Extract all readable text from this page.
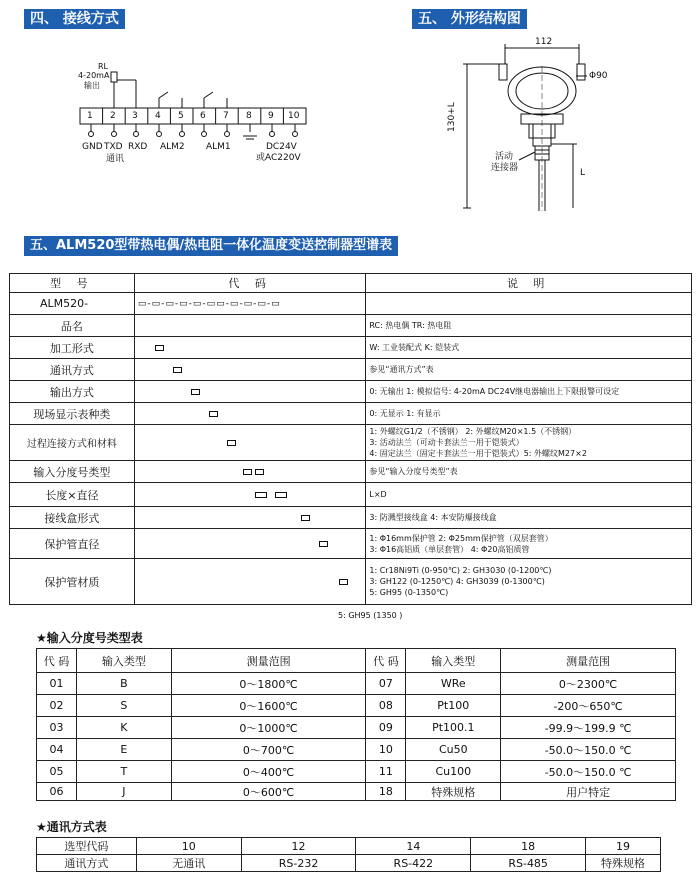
四、 接线方式	五、 外形结构图
RL
4-20mA
输出
1 2 3 4 5 6 7 8 9 10
GND TXD RXD
通讯
ALM2 ALM1	DC24V
或AC220V
112
Φ90
130+L
活动
连接器	L
五、ALM520型带热电偶/热电阻一体化温度变送控制器型谱表
型 号	代 码	说 明
ALM520-	▭-▭-▭-▭-▭-▭▭-▭-▭-▭-▭	
品名		RC: 热电偶 TR: 热电阻
加工形式		W: 工业装配式 K: 铠装式
通讯方式		参见“通讯方式”表
输出方式		0: 无输出 1: 模拟信号: 4-20mA DC24V继电器输出上下限报警可设定
现场显示表种类		0: 无显示 1: 有显示
过程连接方式和材料		1: 外螺纹G1/2（不锈钢） 2: 外螺纹M20×1.5（不锈钢）
3: 活动法兰（可动卡套法兰一用于铠装式）
4: 固定法兰（固定卡套法兰一用于铠装式）5: 外螺纹M27×2

输入分度号类型		参见“输入分度号类型”表
长度×直径		L×D
接线盒形式		3: 防溅型接线盒 4: 本安防爆接线盒
保护管直径		1: Φ16mm保护管 2: Φ25mm保护管（双层套管）
3: Φ16高铝质（单层套管） 4: Φ20高铝质管

保护管材质		1: Cr18Ni9Ti (0-950℃) 2: GH3030 (0-1200℃)
3: GH122 (0-1250℃) 4: GH3039 (0-1300℃)
5: GH95 (0-1350℃)
5: GH95 (1350 )
★输入分度号类型表
代 码	输入类型	测量范围	代 码	输入类型	测量范围
01	B	0～1800℃	07	WRe	0～2300℃
02	S	0～1600℃	08	Pt100	-200～650℃
03	K	0～1000℃	09	Pt100.1	-99.9～199.9 ℃
04	E	0～700℃	10	Cu50	-50.0～150.0 ℃
05	T	0～400℃	11	Cu100	-50.0～150.0 ℃
06	J	0～600℃	18	特殊规格	用户特定
★通讯方式表
选型代码	10	12	14	18	19
通讯方式	无通讯	RS-232	RS-422	RS-485	特殊规格
